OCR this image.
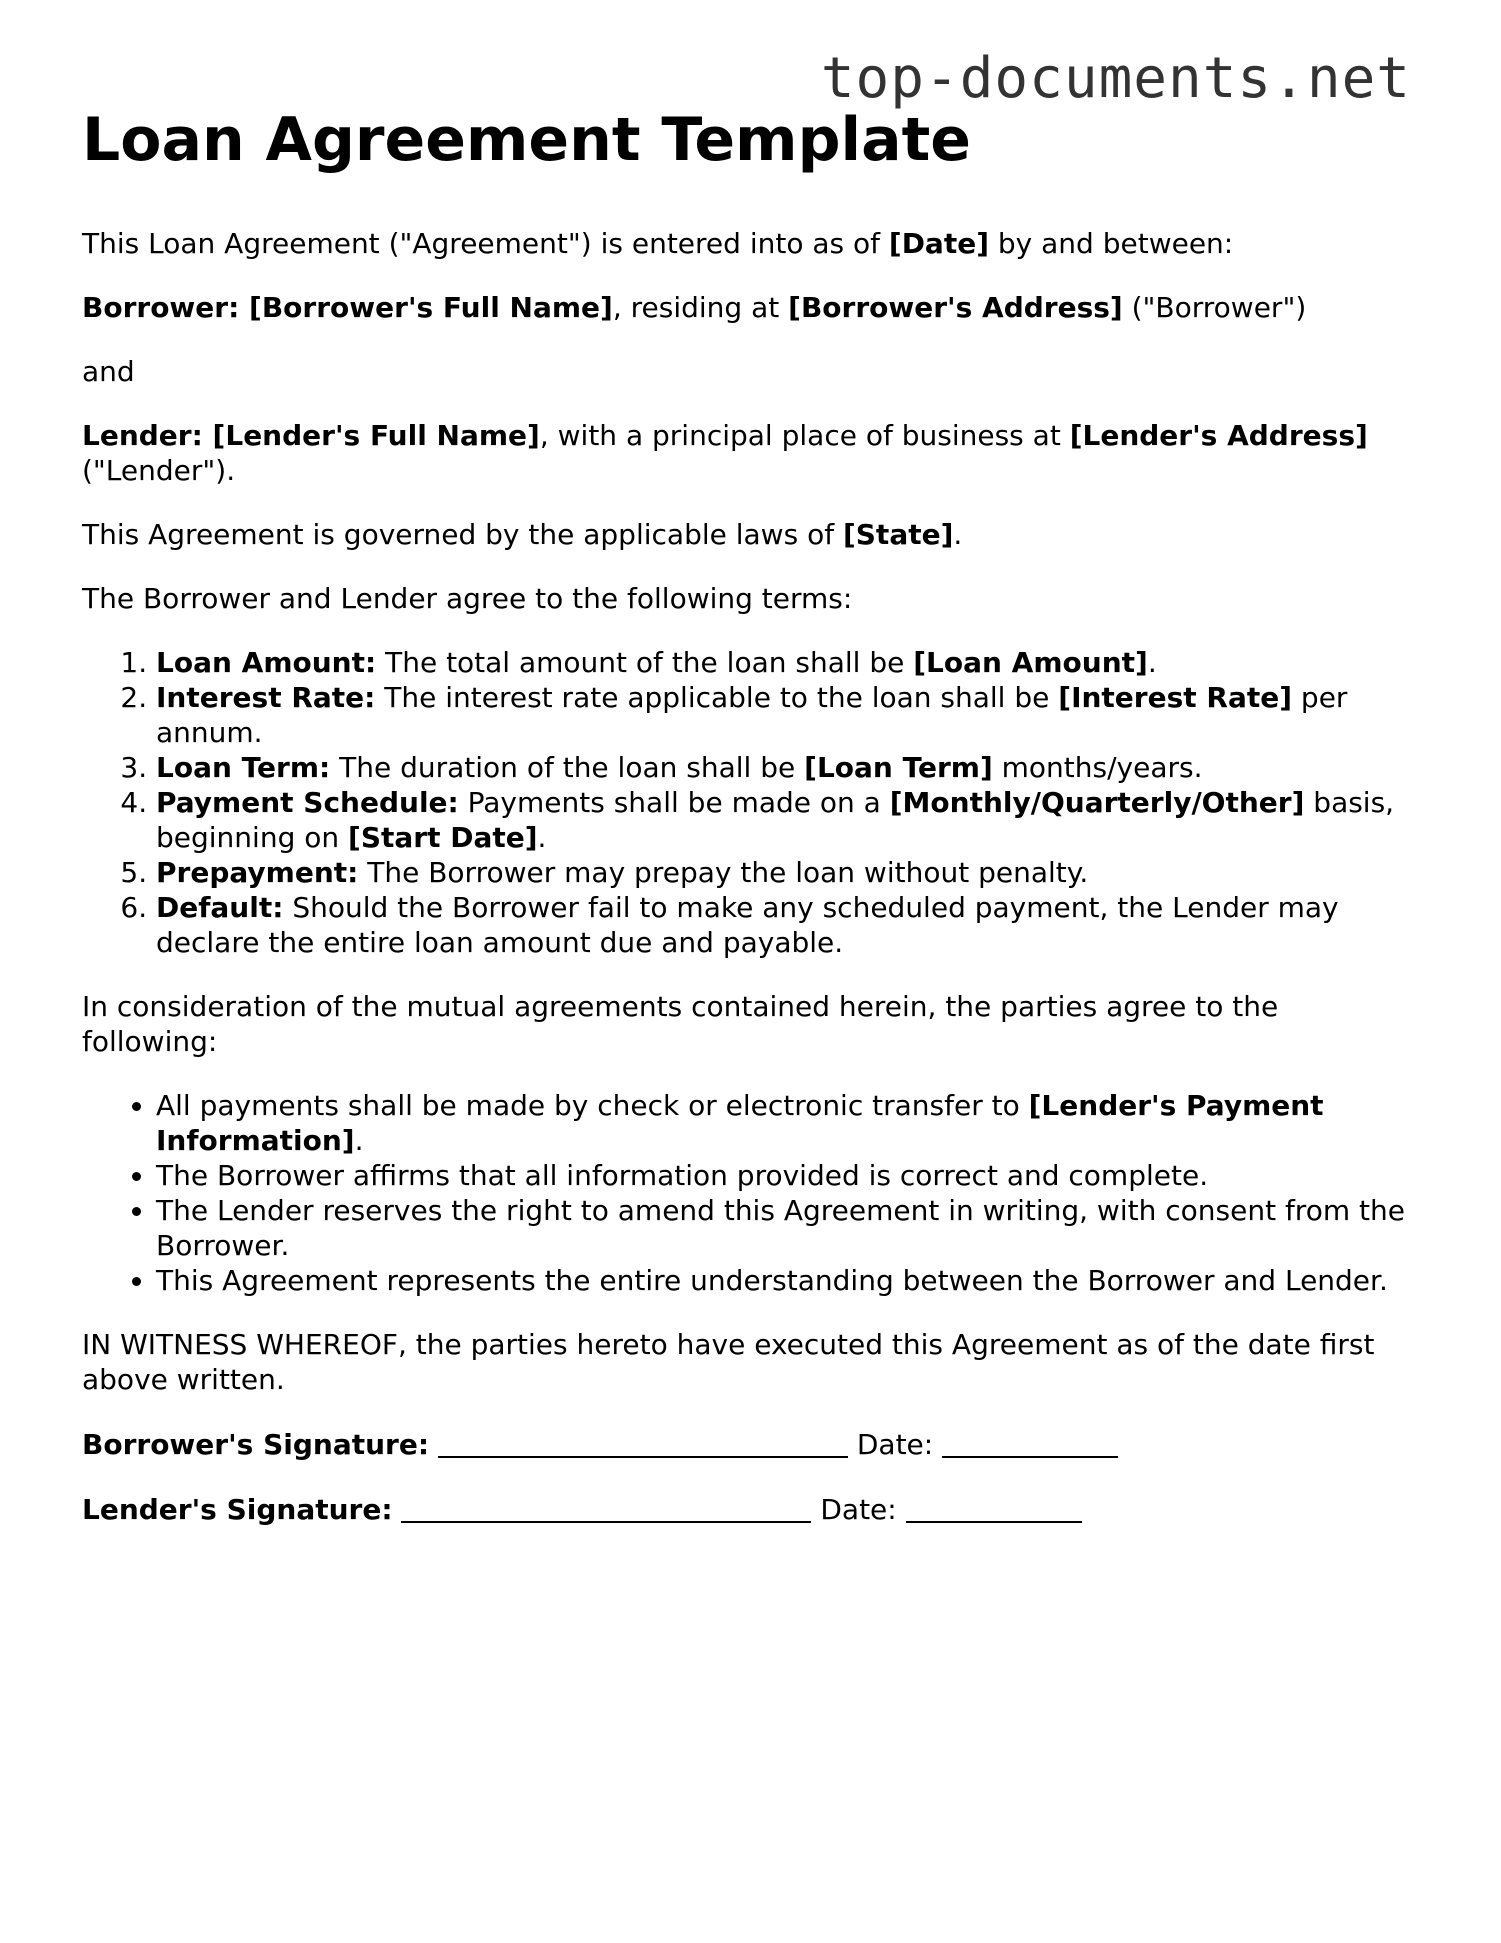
top-documents.net
Loan Agreement Template

This Loan Agreement ("Agreement") is entered into as of [Date] by and between:

Borrower: [Borrower's Full Name], residing at [Borrower's Address] ("Borrower")

and

Lender: [Lender's Full Name], with a principal place of business at [Lender's Address] ("Lender").

This Agreement is governed by the applicable laws of [State].

The Borrower and Lender agree to the following terms:

1. Loan Amount: The total amount of the loan shall be [Loan Amount].
2. Interest Rate: The interest rate applicable to the loan shall be [Interest Rate] per annum.
3. Loan Term: The duration of the loan shall be [Loan Term] months/years.
4. Payment Schedule: Payments shall be made on a [Monthly/Quarterly/Other] basis, beginning on [Start Date].
5. Prepayment: The Borrower may prepay the loan without penalty.
6. Default: Should the Borrower fail to make any scheduled payment, the Lender may declare the entire loan amount due and payable.

In consideration of the mutual agreements contained herein, the parties agree to the following:

• All payments shall be made by check or electronic transfer to [Lender's Payment Information].
• The Borrower affirms that all information provided is correct and complete.
• The Lender reserves the right to amend this Agreement in writing, with consent from the Borrower.
• This Agreement represents the entire understanding between the Borrower and Lender.

IN WITNESS WHEREOF, the parties hereto have executed this Agreement as of the date first above written.

Borrower's Signature:	Date:

Lender's Signature:	Date:
